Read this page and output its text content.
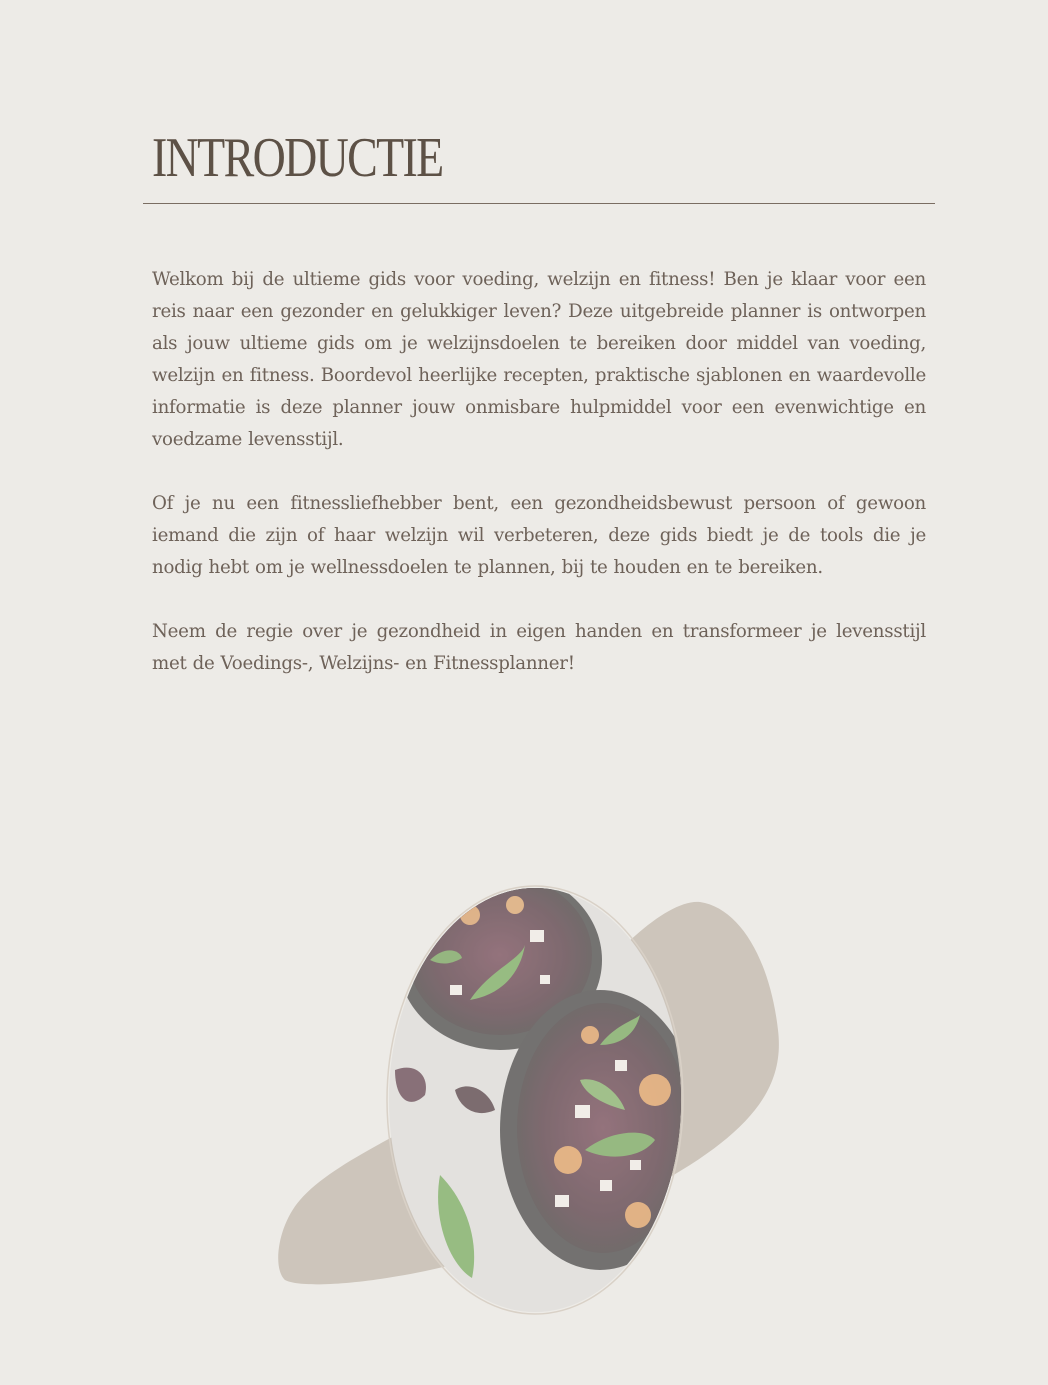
INTRODUCTIE

Welkom bij de ultieme gids voor voeding, welzijn en fitness! Ben je klaar voor een reis naar een gezonder en gelukkiger leven? Deze uitgebreide planner is ontworpen als jouw ultieme gids om je welzijnsdoelen te bereiken door middel van voeding, welzijn en fitness. Boordevol heerlijke recepten, praktische sjablonen en waardevolle informatie is deze planner jouw onmisbare hulpmiddel voor een evenwichtige en voedzame levensstijl.

Of je nu een fitnessliefhebber bent, een gezondheidsbewust persoon of gewoon iemand die zijn of haar welzijn wil verbeteren, deze gids biedt je de tools die je nodig hebt om je wellnessdoelen te plannen, bij te houden en te bereiken.

Neem de regie over je gezondheid in eigen handen en transformeer je levensstijl met de Voedings-, Welzijns- en Fitnessplanner!
